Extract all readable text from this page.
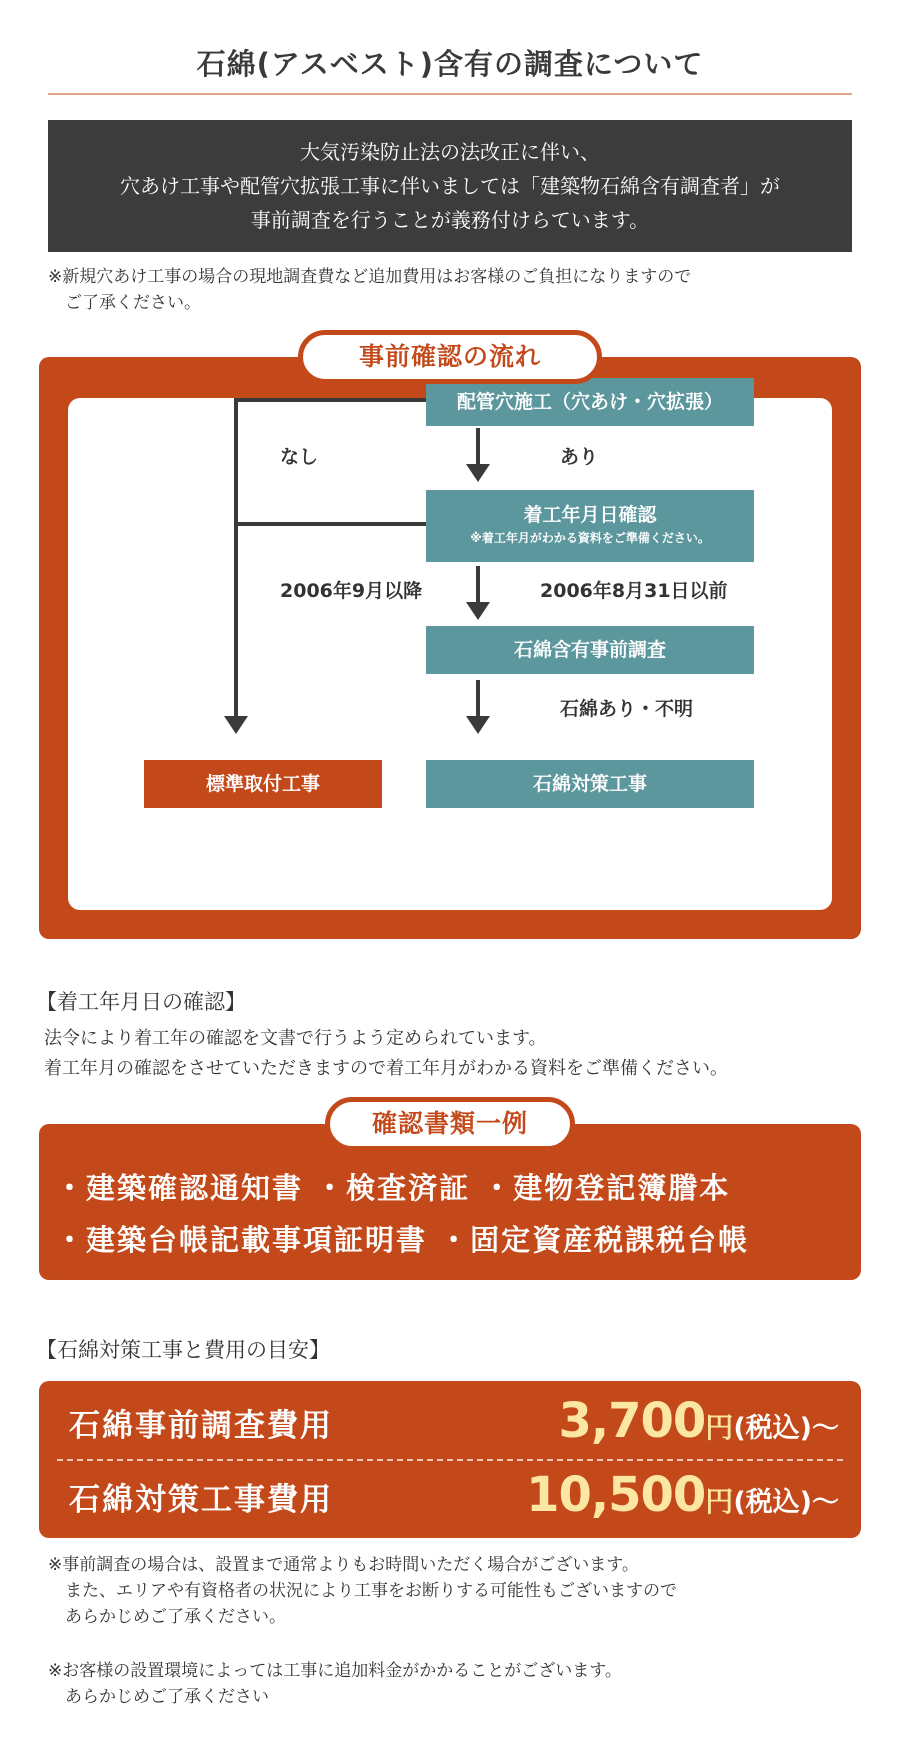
石綿(アスベスト)含有の調査について
大気汚染防止法の法改正に伴い、
穴あけ工事や配管穴拡張工事に伴いましては「建築物石綿含有調査者」が
事前調査を行うことが義務付けらています。
※新規穴あけ工事の場合の現地調査費など追加費用はお客様のご負担になりますので
　ご了承ください。
配管穴施工（穴あけ・穴拡張）
着工年月日確認
※着工年月がわかる資料をご準備ください。
石綿含有事前調査
標準取付工事	石綿対策工事
なし	あり
2006年9月以降	2006年8月31日以前
石綿あり・不明
事前確認の流れ
【着工年月日の確認】
法令により着工年の確認を文書で行うよう定められています。
着工年月の確認をさせていただきますので着工年月がわかる資料をご準備ください。
・建築確認通知書 ・検査済証 ・建物登記簿謄本
・建築台帳記載事項証明書 ・固定資産税課税台帳
確認書類一例
【石綿対策工事と費用の目安】
石綿事前調査費用	3,700円(税込)～
石綿対策工事費用	10,500円(税込)～
※事前調査の場合は、設置まで通常よりもお時間いただく場合がございます。
　また、エリアや有資格者の状況により工事をお断りする可能性もございますので
　あらかじめご了承ください。
※お客様の設置環境によっては工事に追加料金がかかることがございます。
　あらかじめご了承ください
